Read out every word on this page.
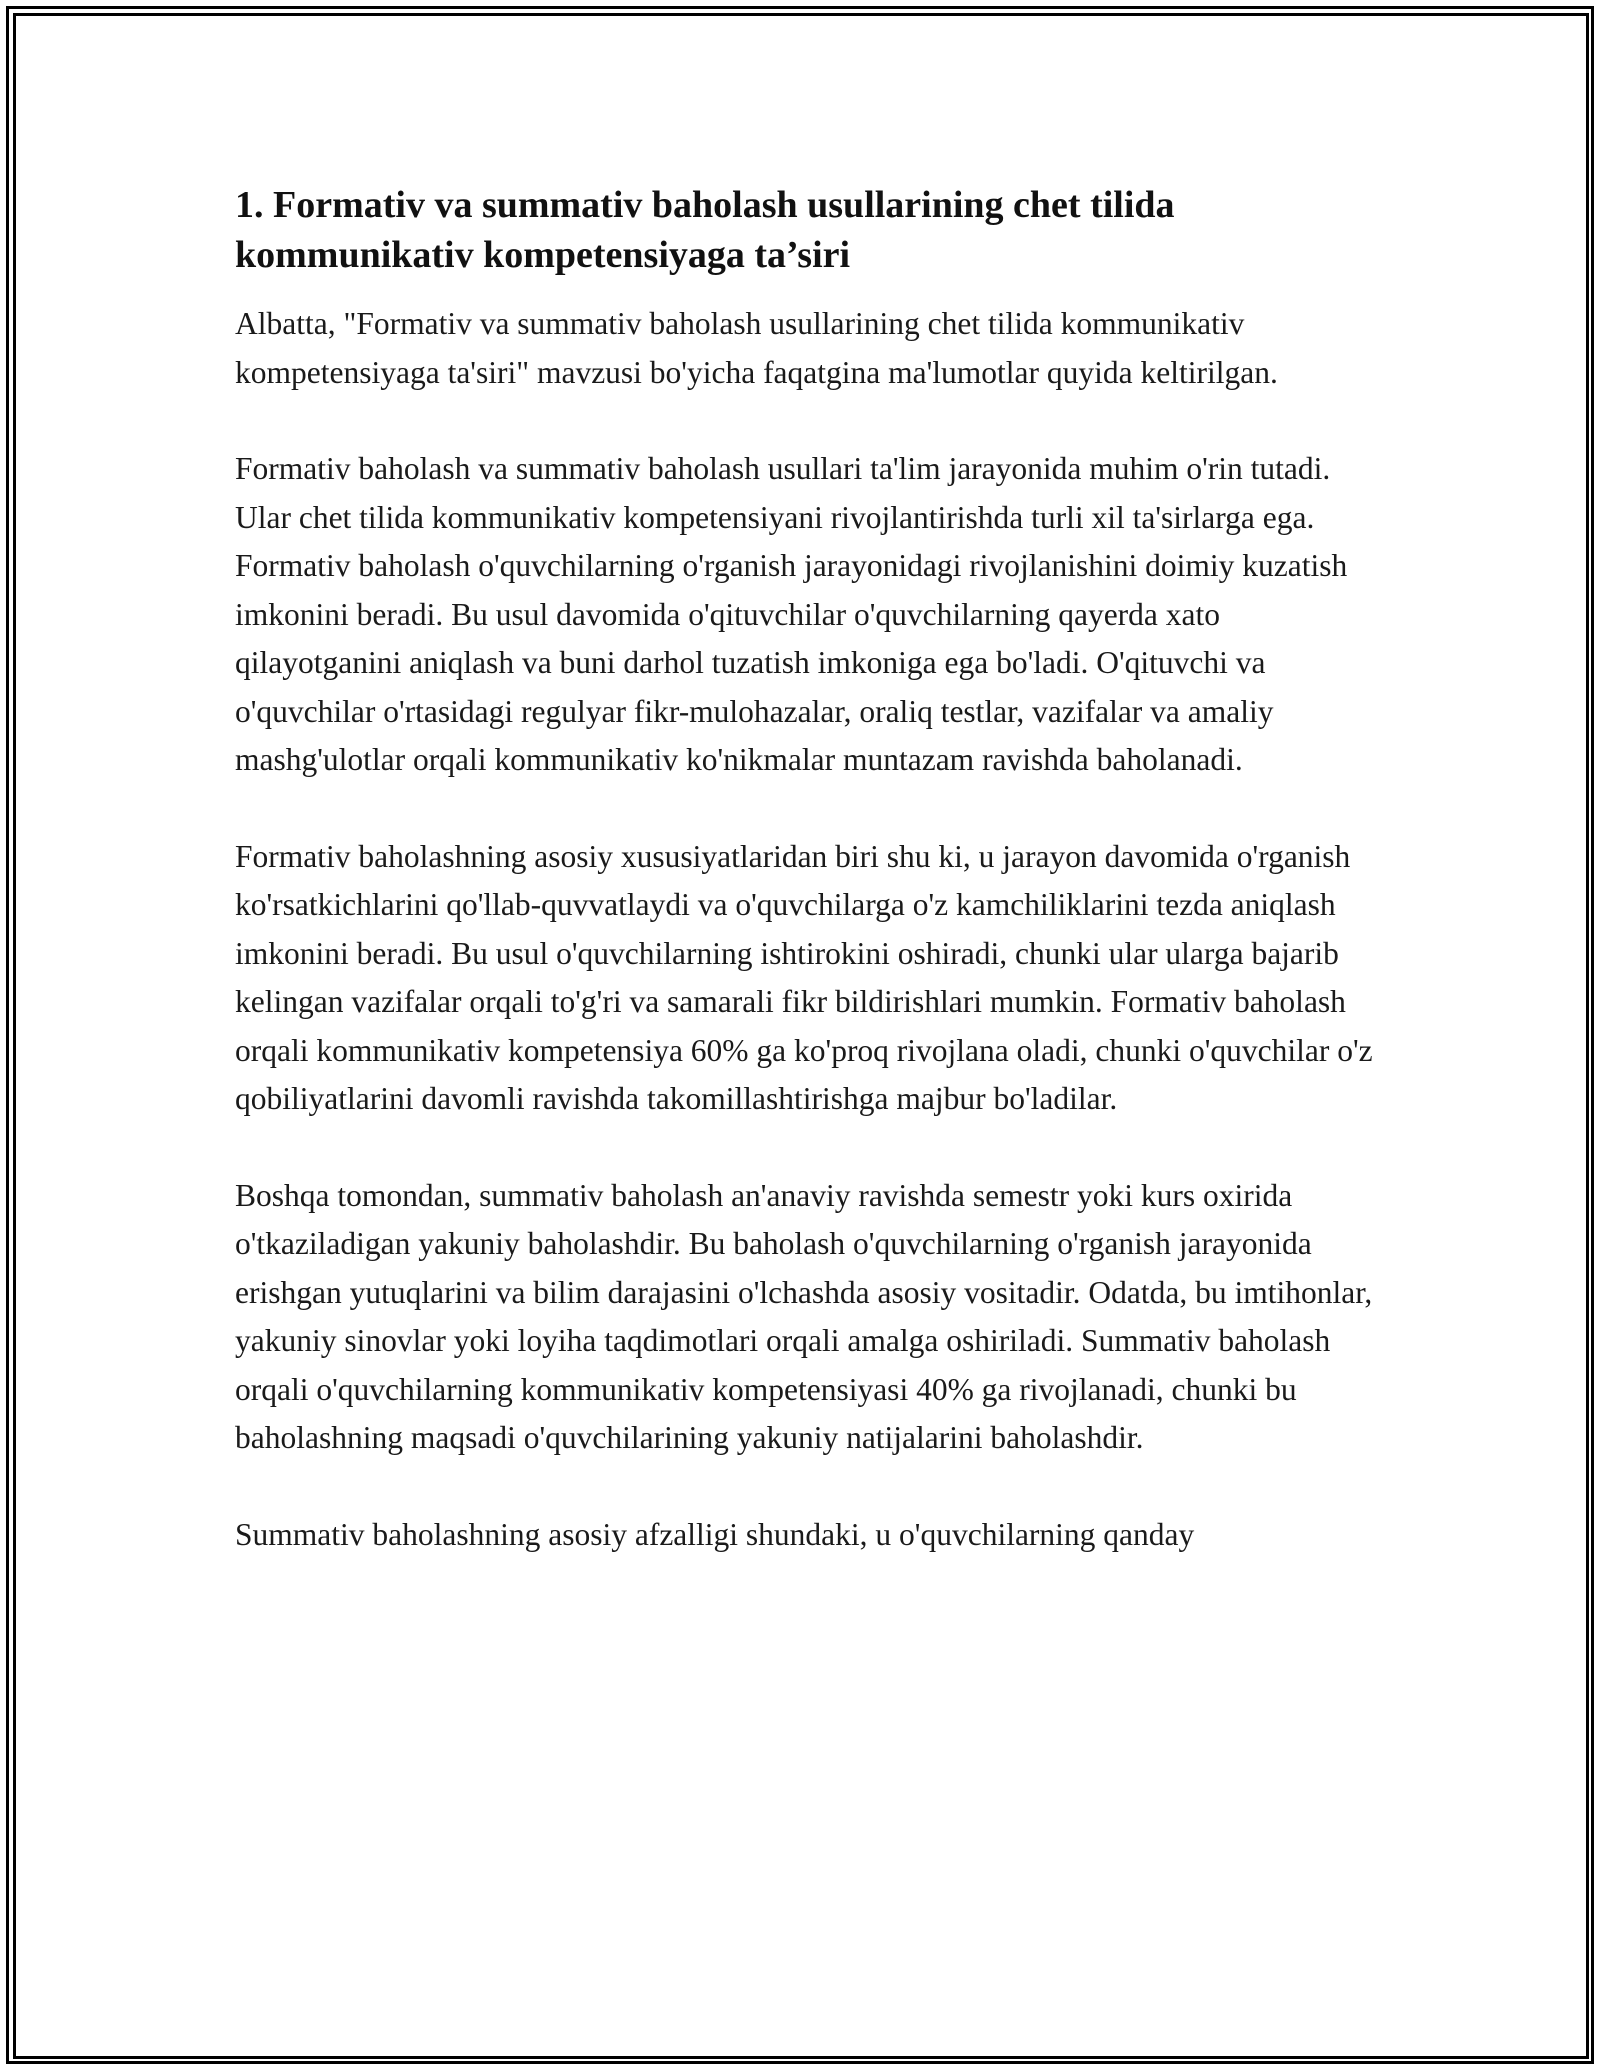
1. Formativ va summativ baholash usullarining chet tilida kommunikativ kompetensiyaga ta’siri

Albatta, "Formativ va summativ baholash usullarining chet tilida kommunikativ kompetensiyaga ta'siri" mavzusi bo'yicha faqatgina ma'lumotlar quyida keltirilgan.

Formativ baholash va summativ baholash usullari ta'lim jarayonida muhim o'rin tutadi. Ular chet tilida kommunikativ kompetensiyani rivojlantirishda turli xil ta'sirlarga ega. Formativ baholash o'quvchilarning o'rganish jarayonidagi rivojlanishini doimiy kuzatish imkonini beradi. Bu usul davomida o'qituvchilar o'quvchilarning qayerda xato qilayotganini aniqlash va buni darhol tuzatish imkoniga ega bo'ladi. O'qituvchi va o'quvchilar o'rtasidagi regulyar fikr-mulohazalar, oraliq testlar, vazifalar va amaliy mashg'ulotlar orqali kommunikativ ko'nikmalar muntazam ravishda baholanadi.

Formativ baholashning asosiy xususiyatlaridan biri shu ki, u jarayon davomida o'rganish ko'rsatkichlarini qo'llab-quvvatlaydi va o'quvchilarga o'z kamchiliklarini tezda aniqlash imkonini beradi. Bu usul o'quvchilarning ishtirokini oshiradi, chunki ular ularga bajarib kelingan vazifalar orqali to'g'ri va samarali fikr bildirishlari mumkin. Formativ baholash orqali kommunikativ kompetensiya 60% ga ko'proq rivojlana oladi, chunki o'quvchilar o'z qobiliyatlarini davomli ravishda takomillashtirishga majbur bo'ladilar.

Boshqa tomondan, summativ baholash an'anaviy ravishda semestr yoki kurs oxirida o'tkaziladigan yakuniy baholashdir. Bu baholash o'quvchilarning o'rganish jarayonida erishgan yutuqlarini va bilim darajasini o'lchashda asosiy vositadir. Odatda, bu imtihonlar, yakuniy sinovlar yoki loyiha taqdimotlari orqali amalga oshiriladi. Summativ baholash orqali o'quvchilarning kommunikativ kompetensiyasi 40% ga rivojlanadi, chunki bu baholashning maqsadi o'quvchilarining yakuniy natijalarini baholashdir.

Summativ baholashning asosiy afzalligi shundaki, u o'quvchilarning qanday
